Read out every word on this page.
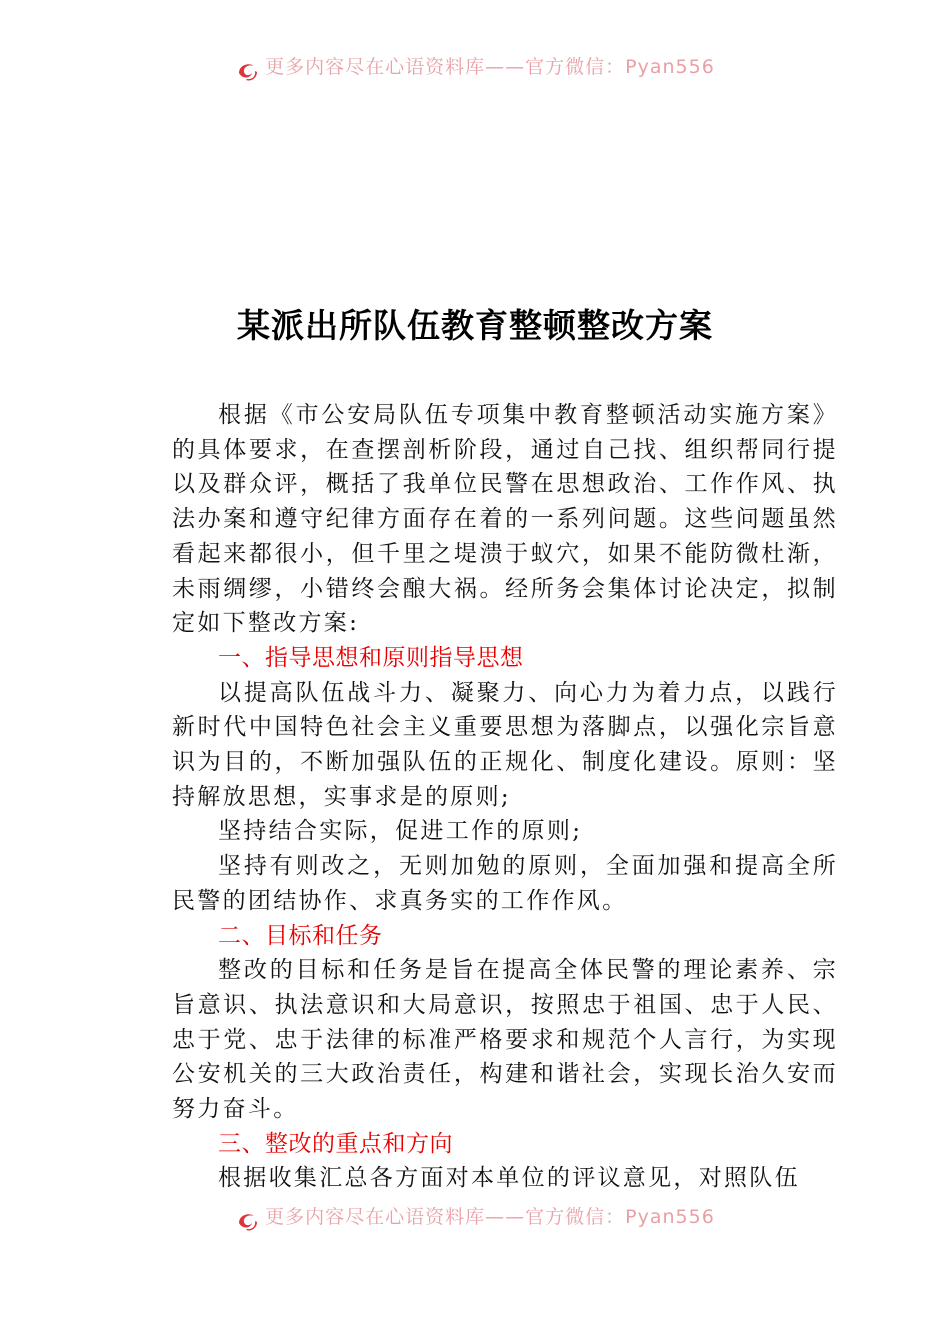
更多内容尽在心语资料库——官方微信：Pyan556
某派出所队伍教育整顿整改方案

根据《市公安局队伍专项集中教育整顿活动实施方案》的具体要求，在查摆剖析阶段，通过自己找、组织帮同行提以及群众评，概括了我单位民警在思想政治、工作作风、执法办案和遵守纪律方面存在着的一系列问题。这些问题虽然看起来都很小，但千里之堤溃于蚁穴，如果不能防微杜渐，未雨绸缪，小错终会酿大祸。经所务会集体讨论决定，拟制定如下整改方案:

一、指导思想和原则指导思想

以提高队伍战斗力、凝聚力、向心力为着力点，以践行新时代中国特色社会主义重要思想为落脚点，以强化宗旨意识为目的，不断加强队伍的正规化、制度化建设。原则：坚持解放思想，实事求是的原则;

坚持结合实际，促进工作的原则;

坚持有则改之，无则加勉的原则，全面加强和提高全所民警的团结协作、求真务实的工作作风。

二、目标和任务

整改的目标和任务是旨在提高全体民警的理论素养、宗旨意识、执法意识和大局意识，按照忠于祖国、忠于人民、忠于党、忠于法律的标准严格要求和规范个人言行，为实现公安机关的三大政治责任，构建和谐社会，实现长治久安而努力奋斗。

三、整改的重点和方向

根据收集汇总各方面对本单位的评议意见，对照队伍

更多内容尽在心语资料库——官方微信：Pyan556
